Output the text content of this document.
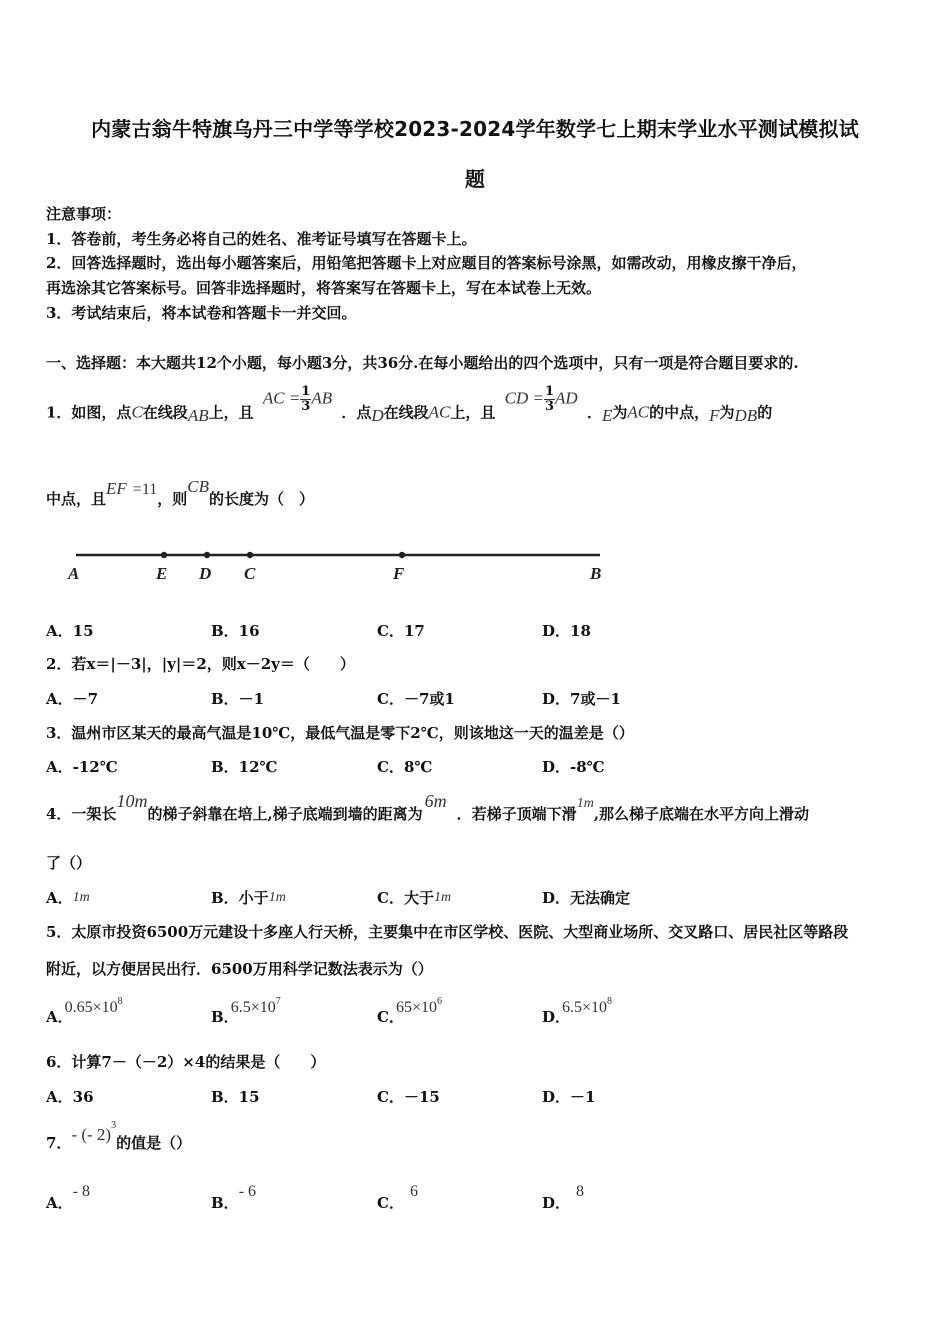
内蒙古翁牛特旗乌丹三中学等学校2023-2024学年数学七上期末学业水平测试模拟试
题
注意事项：
1．答卷前，考生务必将自己的姓名、准考证号填写在答题卡上。
2．回答选择题时，选出每小题答案后，用铅笔把答题卡上对应题目的答案标号涂黑，如需改动，用橡皮擦干净后，
再选涂其它答案标号。回答非选择题时，将答案写在答题卡上，写在本试卷上无效。
3．考试结束后，将本试卷和答题卡一并交回。
一、选择题：本大题共12个小题，每小题3分，共36分.在每小题给出的四个选项中，只有一项是符合题目要求的.
1．如图，点C在线段AB上，且 AC = $\frac{1}{3}$ AB ．点D在线段AC上，且 CD = $\frac{1}{3}$ AD ．E为AC的中点，F为DB的
中点，且EF =11，则CB的长度为（　）
A	E D C	F	B
A．15	B．16	C．17	D．18
2．若x＝|－3|，|y|＝2，则x－2y＝（　　）
A．－7	B．－1	C．－7或1	D．7或－1
3．温州市区某天的最高气温是10℃，最低气温是零下2℃，则该地这一天的温差是（）
A．-12℃	B．12℃	C．8℃	D．-8℃
4．一架长10m的梯子斜靠在培上,梯子底端到墙的距离为6m．若梯子顶端下滑1m,那么梯子底端在水平方向上滑动
了（）
A．1m	B．小于1m	C．大于1m	D．无法确定
5．太原市投资6500万元建设十多座人行天桥，主要集中在市区学校、医院、大型商业场所、交叉路口、居民社区等路段
附近，以方便居民出行．6500万用科学记数法表示为（）
A．$0.65\times 10^8$
B．$6.5\times 10^7$
C．$65\times 10^6$
D．$6.5\times 10^8$
6．计算7－（－2）×4的结果是（　　）
A．36	B．15	C．－15	D．－1
7．- (- 2)$^3$的值是（）
A．- 8
B．- 6
C．6
D．8
